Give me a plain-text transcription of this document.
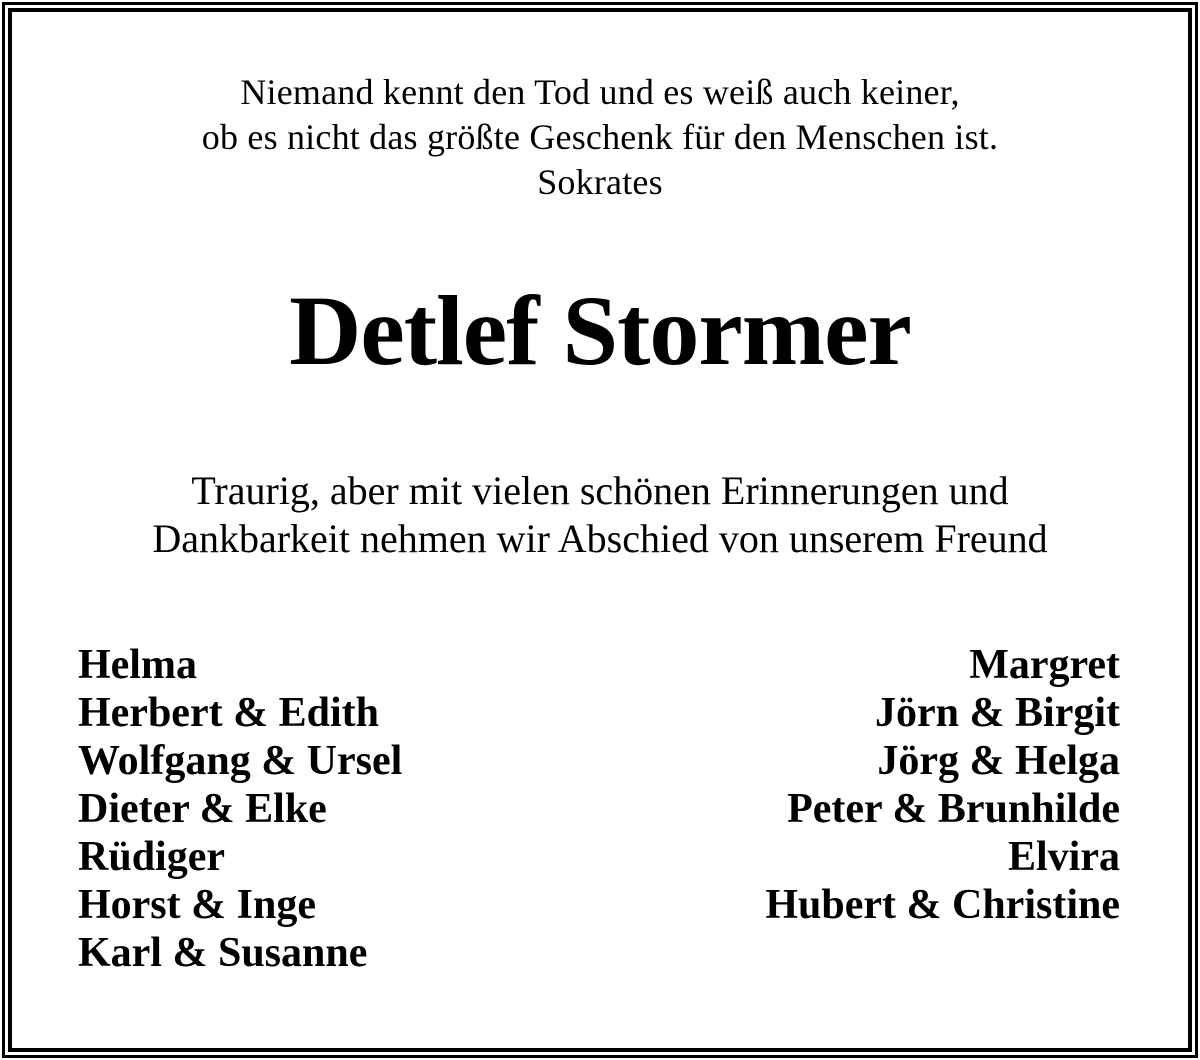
Niemand kennt den Tod und es weiß auch keiner,
ob es nicht das größte Geschenk für den Menschen ist.
Sokrates
Detlef Stormer
Traurig, aber mit vielen schönen Erinnerungen und
Dankbarkeit nehmen wir Abschied von unserem Freund
Helma
Herbert & Edith
Wolfgang & Ursel
Dieter & Elke
Rüdiger
Horst & Inge
Karl & Susanne
Margret
Jörn & Birgit
Jörg & Helga
Peter & Brunhilde
Elvira
Hubert & Christine
